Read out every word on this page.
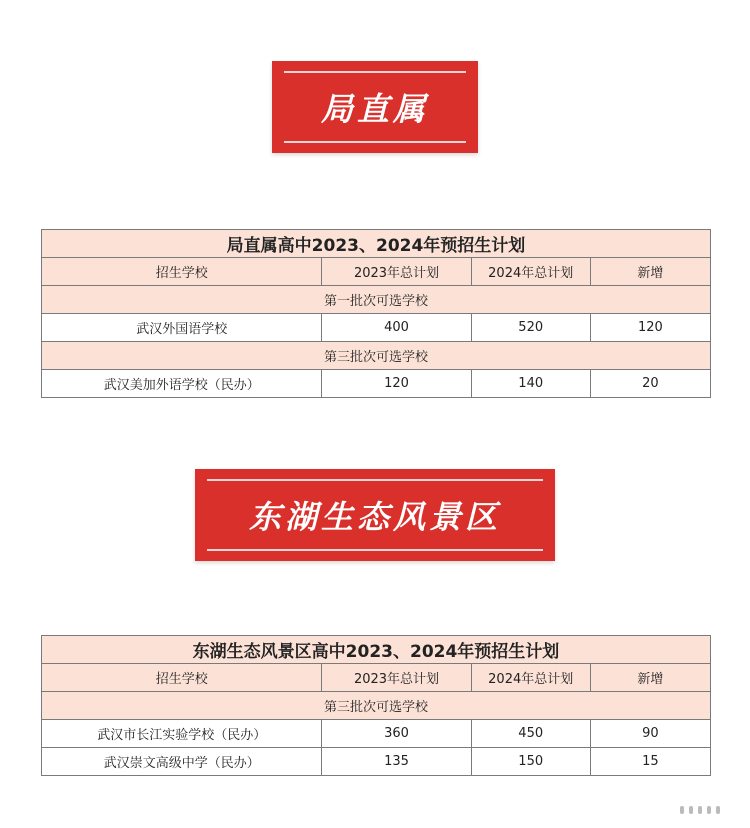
局直属
局直属高中2023、2024年预招生计划			
招生学校	2023年总计划	2024年总计划	新增
第一批次可选学校			
武汉外国语学校	400	520	120
第三批次可选学校			
武汉美加外语学校（民办）	120	140	20
东湖生态风景区
东湖生态风景区高中2023、2024年预招生计划			
招生学校	2023年总计划	2024年总计划	新增
第三批次可选学校			
武汉市长江实验学校（民办）	360	450	90
武汉崇文高级中学（民办）	135	150	15
